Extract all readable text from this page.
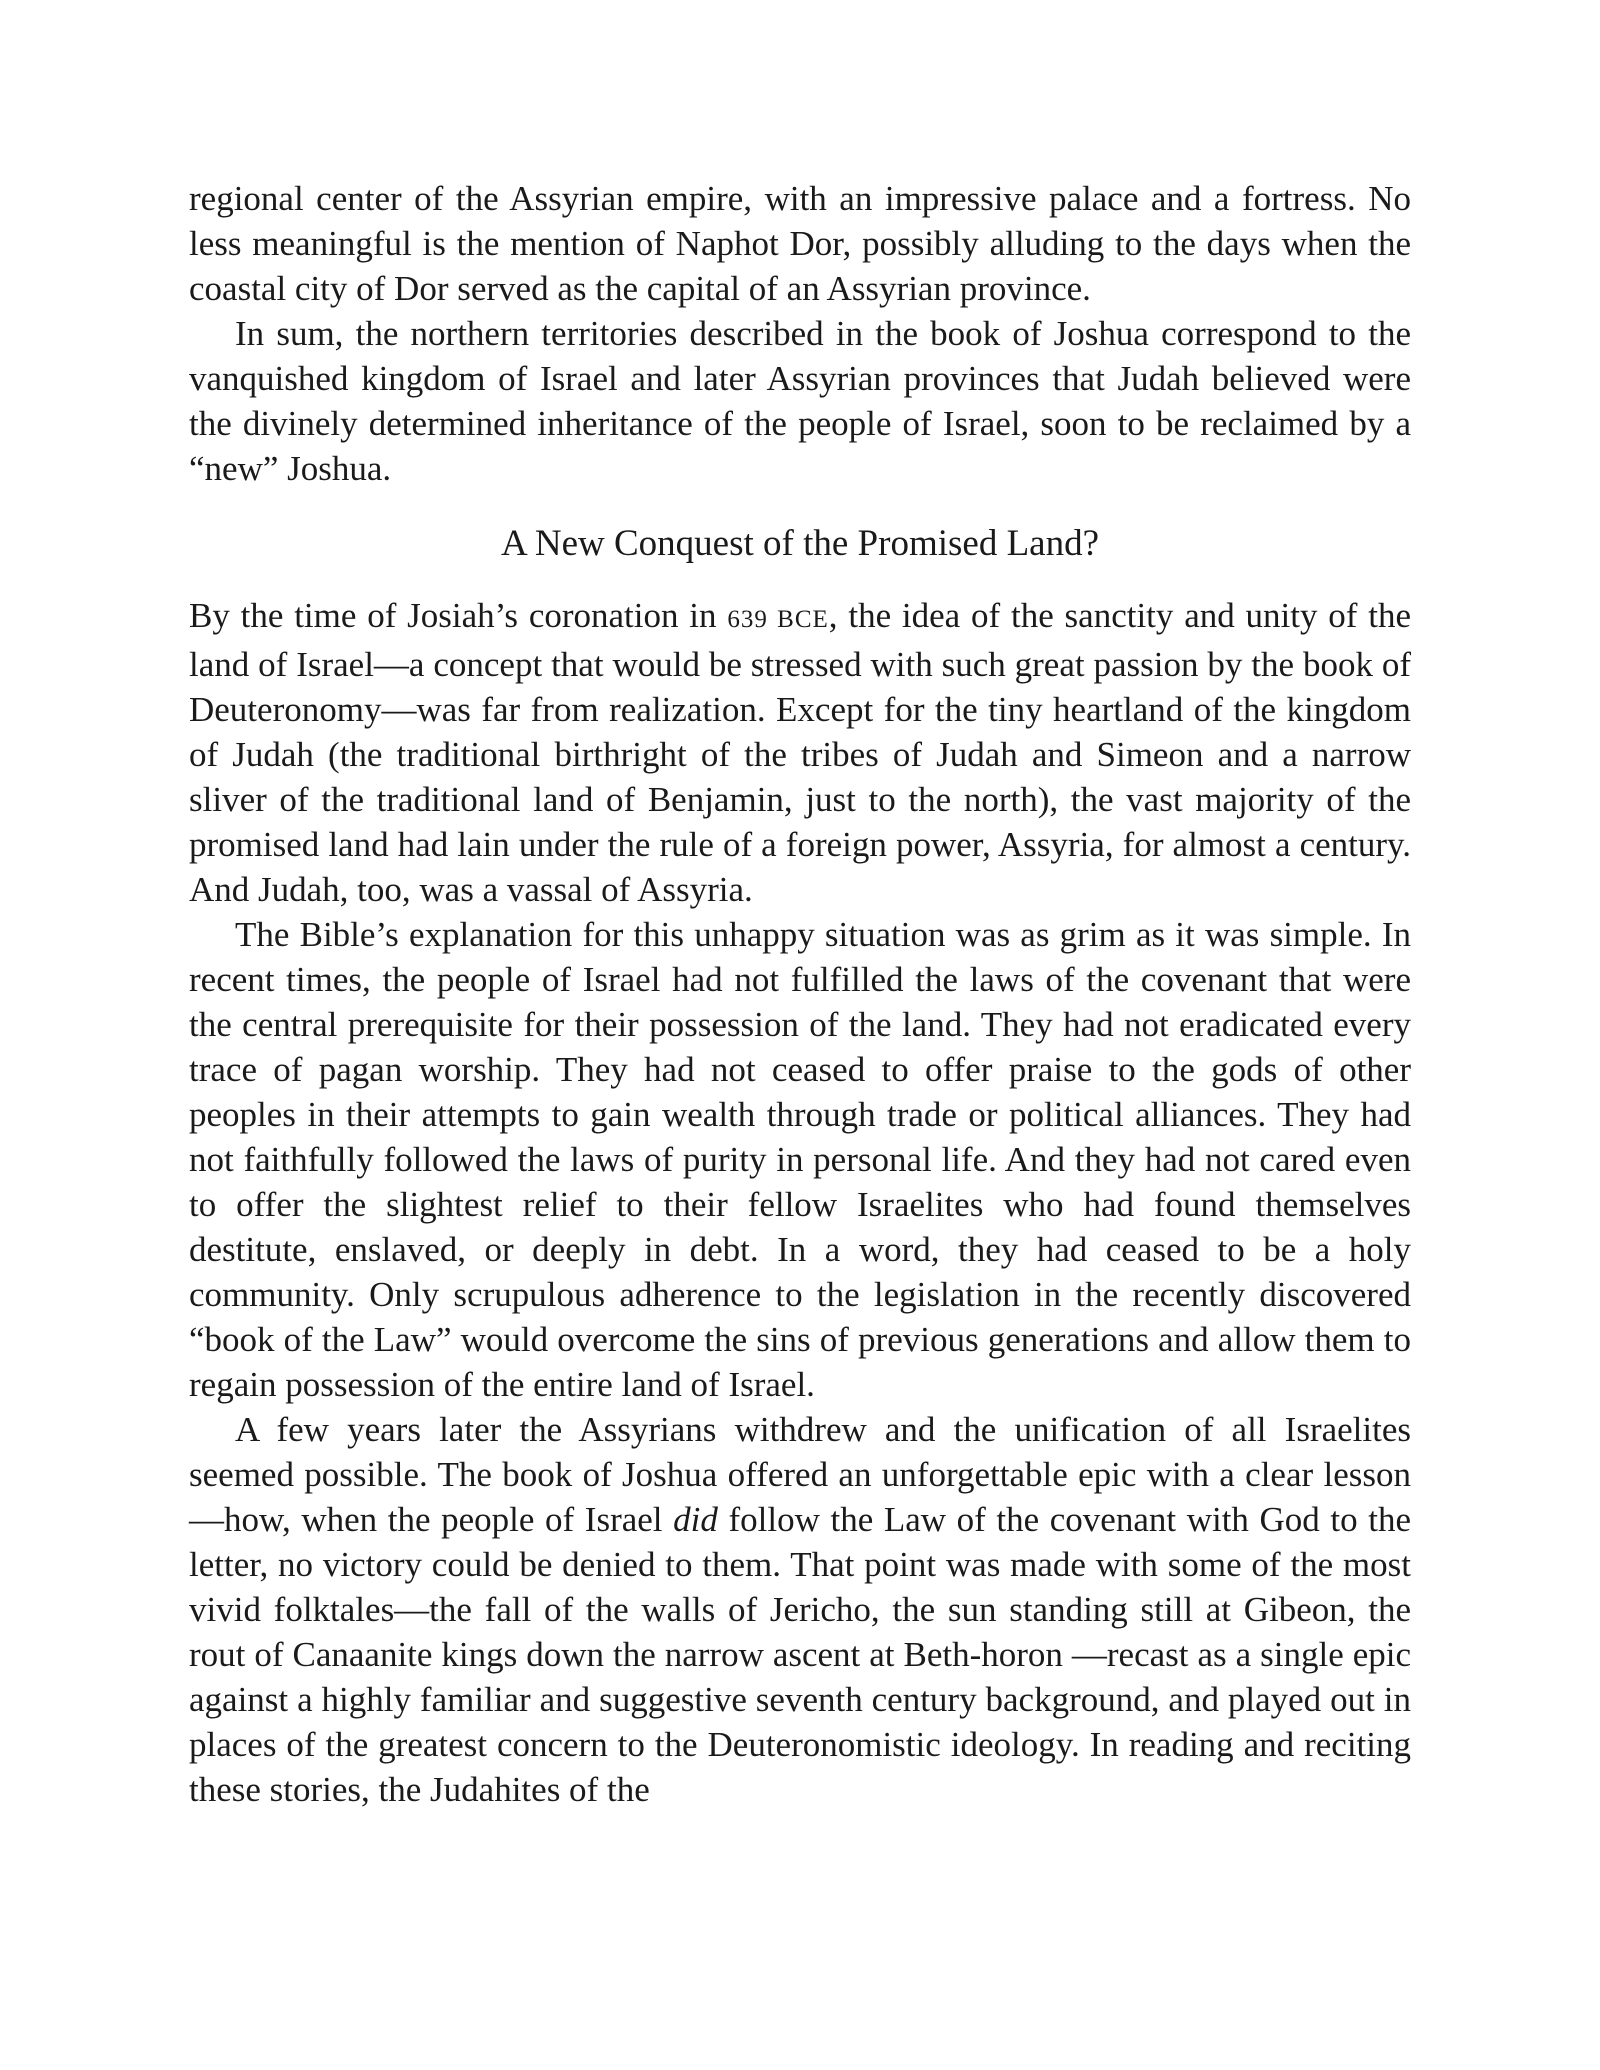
regional center of the Assyrian empire, with an impressive palace and a fortress. No less meaningful is the mention of Naphot Dor, possibly alluding to the days when the coastal city of Dor served as the capital of an Assyrian province.

In sum, the northern territories described in the book of Joshua correspond to the vanquished kingdom of Israel and later Assyrian provinces that Judah believed were the divinely determined inheritance of the people of Israel, soon to be reclaimed by a “new” Joshua.

A New Conquest of the Promised Land?

By the time of Josiah’s coronation in 639 BCE, the idea of the sanctity and unity of the land of Israel—a concept that would be stressed with such great passion by the book of Deuteronomy—was far from realization. Except for the tiny heartland of the kingdom of Judah (the traditional birthright of the tribes of Judah and Simeon and a narrow sliver of the traditional land of Benjamin, just to the north), the vast majority of the promised land had lain under the rule of a foreign power, Assyria, for almost a century. And Judah, too, was a vassal of Assyria.

The Bible’s explanation for this unhappy situation was as grim as it was simple. In recent times, the people of Israel had not fulfilled the laws of the covenant that were the central prerequisite for their possession of the land. They had not eradicated every trace of pagan worship. They had not ceased to offer praise to the gods of other peoples in their attempts to gain wealth through trade or political alliances. They had not faithfully followed the laws of purity in personal life. And they had not cared even to offer the slightest relief to their fellow Israelites who had found themselves destitute, enslaved, or deeply in debt. In a word, they had ceased to be a holy community. Only scrupulous adherence to the legislation in the recently discovered “book of the Law” would overcome the sins of previous generations and allow them to regain possession of the entire land of Israel.

A few years later the Assyrians withdrew and the unification of all Israelites seemed possible. The book of Joshua offered an unforgettable epic with a clear lesson—how, when the people of Israel did follow the Law of the covenant with God to the letter, no victory could be denied to them. That point was made with some of the most vivid folktales—the fall of the walls of Jericho, the sun standing still at Gibeon, the rout of Canaanite kings down the narrow ascent at Beth-horon —recast as a single epic against a highly familiar and suggestive seventh century background, and played out in places of the greatest concern to the Deuteronomistic ideology. In reading and reciting these stories, the Judahites of the
